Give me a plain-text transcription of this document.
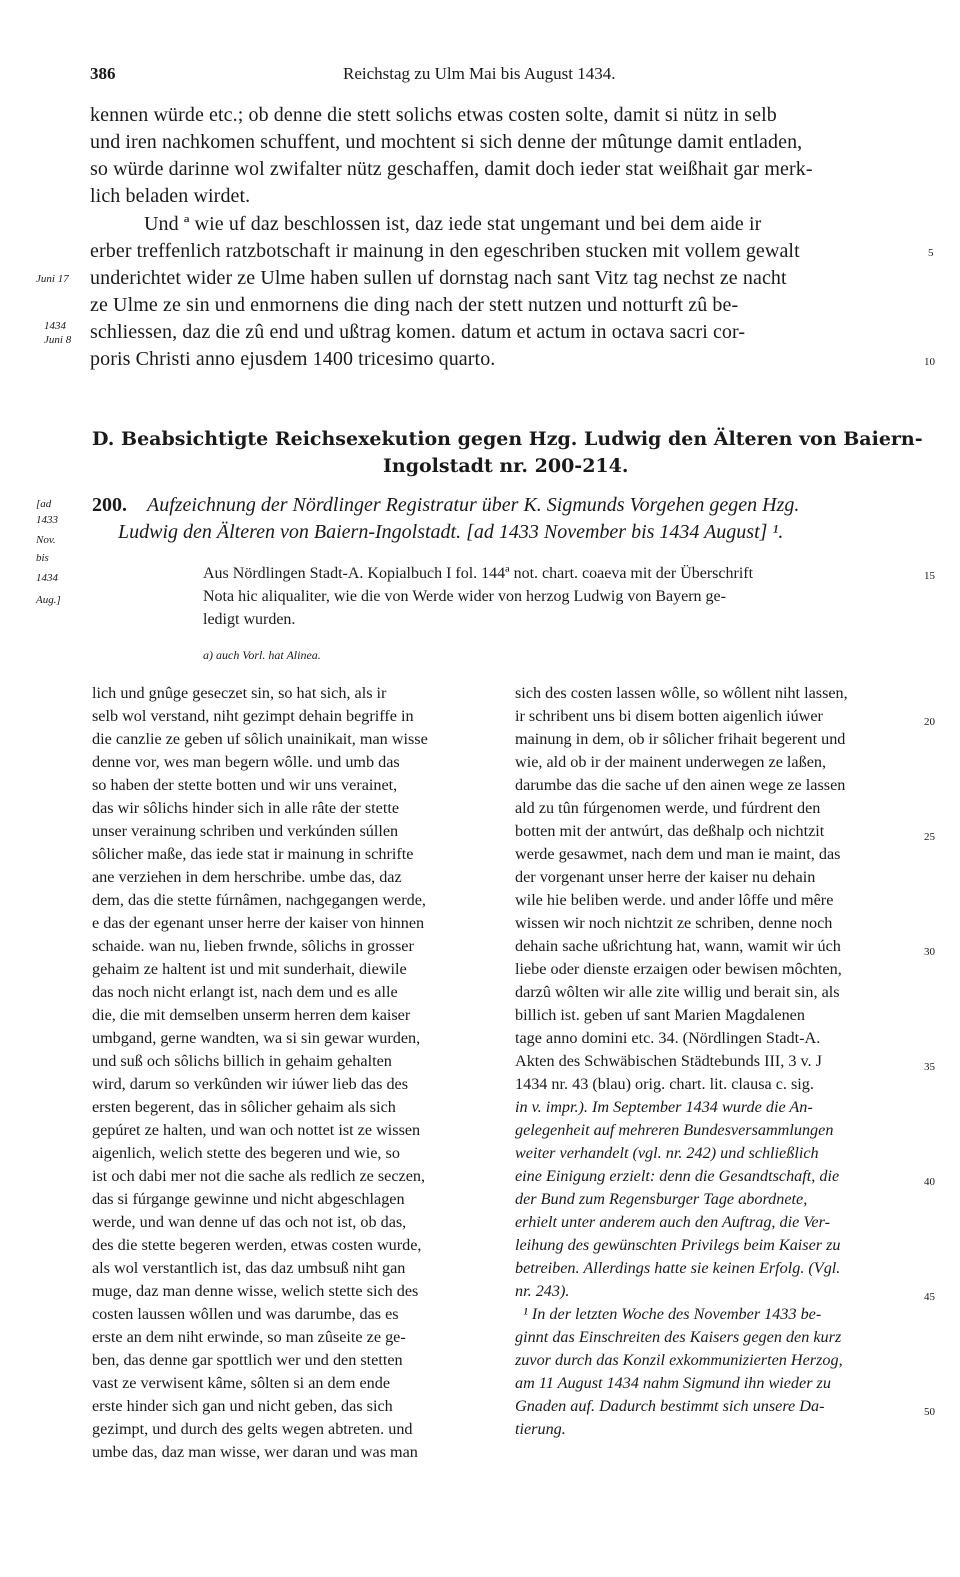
386	Reichstag zu Ulm Mai bis August 1434.
kennen würde etc.; ob denne die stett solichs etwas costen solte, damit si nütz in selb
und iren nachkomen schuffent, und mochtent si sich denne der mûtunge damit entladen,
so würde darinne wol zwifalter nütz geschaffen, damit doch ieder stat weißhait gar merk-
lich beladen wirdet.
Und ª wie uf daz beschlossen ist, daz iede stat ungemant und bei dem aide ir
erber treffenlich ratzbotschaft ir mainung in den egeschriben stucken mit vollem gewalt
underichtet wider ze Ulme haben sullen uf dornstag nach sant Vitz tag nechst ze nacht
ze Ulme ze sin und enmornens die ding nach der stett nutzen und notturft zû be-
schliessen, daz die zû end und ußtrag komen. datum et actum in octava sacri cor-
poris Christi anno ejusdem 1400 tricesimo quarto.
Juni 17
1434
Juni 8
[ad
1433
Nov.
bis
1434
Aug.]
5
10
15
20
25
30
35
40
45
50
D. Beabsichtigte Reichsexekution gegen Hzg. Ludwig den Älteren von Baiern-
Ingolstadt nr. 200-214.
200. Aufzeichnung der Nördlinger Registratur über K. Sigmunds Vorgehen gegen Hzg.
Ludwig den Älteren von Baiern-Ingolstadt. [ad 1433 November bis 1434 August] ¹.
Aus Nördlingen Stadt-A. Kopialbuch I fol. 144ª not. chart. coaeva mit der Überschrift
Nota hic aliqualiter, wie die von Werde wider von herzog Ludwig von Bayern ge-
ledigt wurden.
a) auch Vorl. hat Alinea.
lich und gnûge geseczet sin, so hat sich, als ir
selb wol verstand, niht gezimpt dehain begriffe in
die canzlie ze geben uf sôlich unainikait, man wisse
denne vor, wes man begern wôlle. und umb das
so haben der stette botten und wir uns verainet,
das wir sôlichs hinder sich in alle râte der stette
unser verainung schriben und verkúnden súllen
sôlicher maße, das iede stat ir mainung in schrifte
ane verziehen in dem herschribe. umbe das, daz
dem, das die stette fúrnâmen, nachgegangen werde,
e das der egenant unser herre der kaiser von hinnen
schaide. wan nu, lieben frwnde, sôlichs in grosser
gehaim ze haltent ist und mit sunderhait, diewile
das noch nicht erlangt ist, nach dem und es alle
die, die mit demselben unserm herren dem kaiser
umbgand, gerne wandten, wa si sin gewar wurden,
und suß och sôlichs billich in gehaim gehalten
wird, darum so verkûnden wir iúwer lieb das des
ersten begerent, das in sôlicher gehaim als sich
gepúret ze halten, und wan och nottet ist ze wissen
aigenlich, welich stette des begeren und wie, so
ist och dabi mer not die sache als redlich ze seczen,
das si fúrgange gewinne und nicht abgeschlagen
werde, und wan denne uf das och not ist, ob das,
des die stette begeren werden, etwas costen wurde,
als wol verstantlich ist, das daz umbsuß niht gan
muge, daz man denne wisse, welich stette sich des
costen laussen wôllen und was darumbe, das es
erste an dem niht erwinde, so man zûseite ze ge-
ben, das denne gar spottlich wer und den stetten
vast ze verwisent kâme, sôlten si an dem ende
erste hinder sich gan und nicht geben, das sich
gezimpt, und durch des gelts wegen abtreten. und
umbe das, daz man wisse, wer daran und was man
sich des costen lassen wôlle, so wôllent niht lassen,
ir schribent uns bi disem botten aigenlich iúwer
mainung in dem, ob ir sôlicher frihait begerent und
wie, ald ob ir der mainent underwegen ze laßen,
darumbe das die sache uf den ainen wege ze lassen
ald zu tûn fúrgenomen werde, und fúrdrent den
botten mit der antwúrt, das deßhalp och nichtzit
werde gesawmet, nach dem und man ie maint, das
der vorgenant unser herre der kaiser nu dehain
wile hie beliben werde. und ander lôffe und mêre
wissen wir noch nichtzit ze schriben, denne noch
dehain sache ußrichtung hat, wann, wamit wir úch
liebe oder dienste erzaigen oder bewisen môchten,
darzû wôlten wir alle zite willig und berait sin, als
billich ist. geben uf sant Marien Magdalenen
tage anno domini etc. 34. (Nördlingen Stadt-A.
Akten des Schwäbischen Städtebunds III, 3 v. J
1434 nr. 43 (blau) orig. chart. lit. clausa c. sig.
in v. impr.). Im September 1434 wurde die An-
gelegenheit auf mehreren Bundesversammlungen
weiter verhandelt (vgl. nr. 242) und schließlich
eine Einigung erzielt: denn die Gesandtschaft, die
der Bund zum Regensburger Tage abordnete,
erhielt unter anderem auch den Auftrag, die Ver-
leihung des gewünschten Privilegs beim Kaiser zu
betreiben. Allerdings hatte sie keinen Erfolg. (Vgl.
nr. 243).
¹ In der letzten Woche des November 1433 be-
ginnt das Einschreiten des Kaisers gegen den kurz
zuvor durch das Konzil exkommunizierten Herzog,
am 11 August 1434 nahm Sigmund ihn wieder zu
Gnaden auf. Dadurch bestimmt sich unsere Da-
tierung.
